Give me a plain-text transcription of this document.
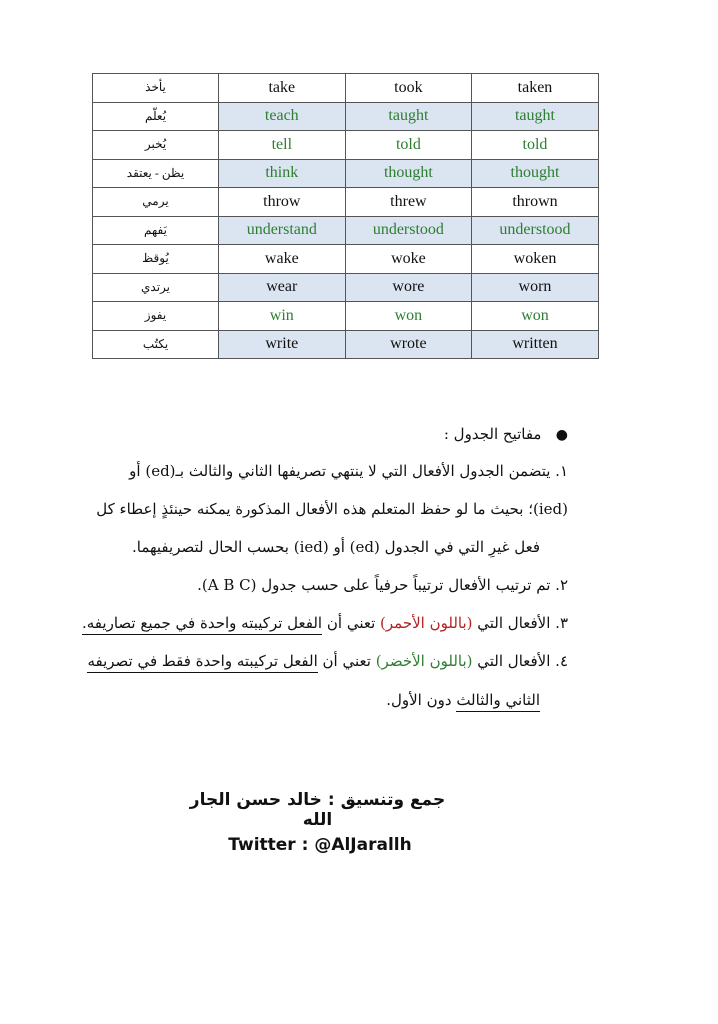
يأخذ	take	took	taken
يُعلّم	teach	taught	taught
يُخبر	tell	told	told
يظن - يعتقد	think	thought	thought
يرمي	throw	threw	thrown
يَفهم	understand	understood	understood
يُوقظ	wake	woke	woken
يرتدي	wear	wore	worn
يفوز	win	won	won
يكتُب	write	wrote	written
●   مفاتيح الجدول :
١. يتضمن الجدول الأفعال التي لا ينتهي تصريفها الثاني والثالث بـ(ed) أو
(ied)؛ بحيث ما لو حفظ المتعلم هذه الأفعال المذكورة يمكنه حينئذٍ إعطاء كل
فعل غيرِ التي في الجدول (ed) أو (ied) بحسب الحال لتصريفيهما.
٢. تم ترتيب الأفعال ترتيباً حرفياً على حسب جدول (A B C).
٣. الأفعال التي (باللون الأحمر) تعني أن الفعل تركيبته واحدة في جميع تصاريفه.
٤. الأفعال التي (باللون الأخضر) تعني أن الفعل تركيبته واحدة فقط في تصريفه
الثاني والثالث دون الأول.
جمع وتنسيق : خالد حسن الجار الله
Twitter : @AlJarallh
